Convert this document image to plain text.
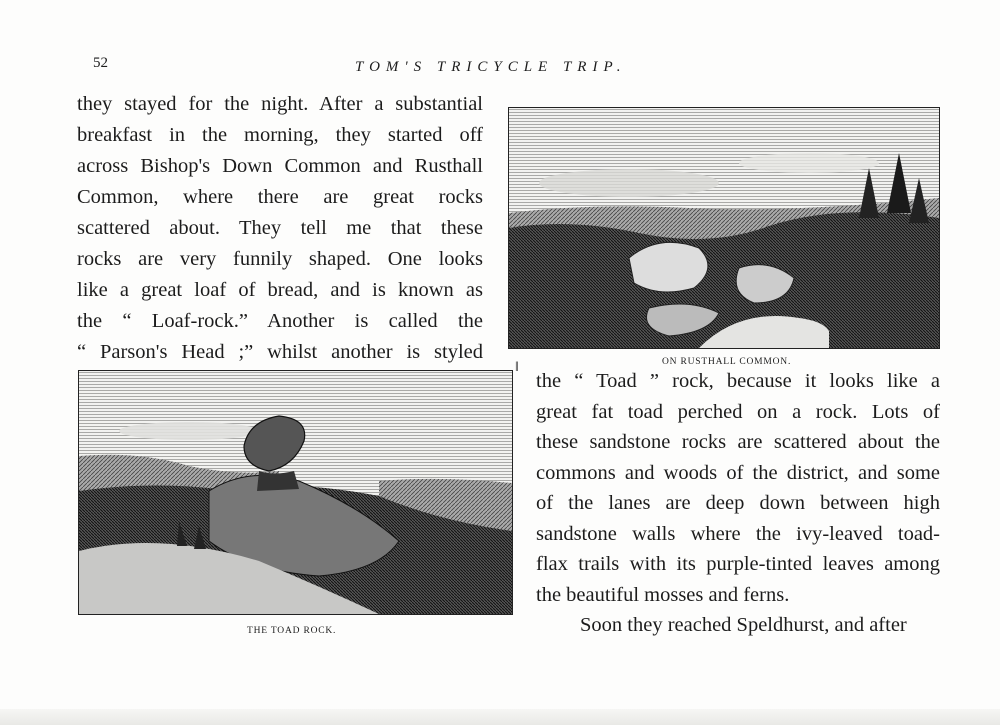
52	TOM'S TRICYCLE TRIP.
they stayed for the night. After a substantial
breakfast in the morning, they started off
across Bishop's Down Common and Rusthall
Common, where there are great rocks
scattered about. They tell me that these
rocks are very funnily shaped. One looks
like a great loaf of bread, and is known as
the “ Loaf-rock.” Another is called the
“ Parson's Head ;” whilst another is styled	ON RUSTHALL COMMON.
‖
the “ Toad ” rock, because it looks like a
great fat toad perched on a rock. Lots of
these sandstone rocks are scattered about the
commons and woods of the district, and some
of the lanes are deep down between high
sandstone walls where the ivy-leaved toad-
flax trails with its purple-tinted leaves among
the beautiful mosses and ferns.
Soon they reached Speldhurst, and after
THE TOAD ROCK.
